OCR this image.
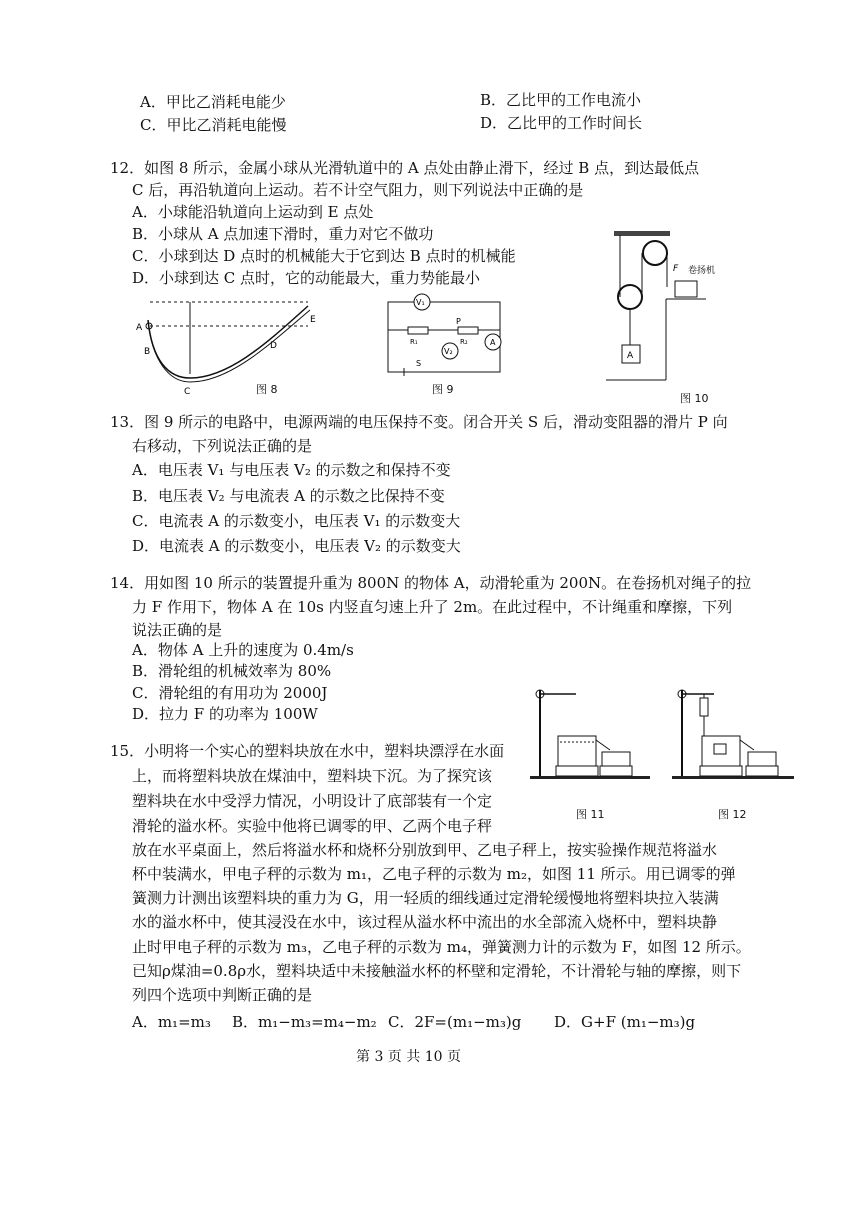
A．甲比乙消耗电能少	B．乙比甲的工作电流小
C．甲比乙消耗电能慢	D．乙比甲的工作时间长
12．如图 8 所示，金属小球从光滑轨道中的 A 点处由静止滑下，经过 B 点，到达最低点
C 后，再沿轨道向上运动。若不计空气阻力，则下列说法中正确的是
A．小球能沿轨道向上运动到 E 点处
B．小球从 A 点加速下滑时，重力对它不做功
C．小球到达 D 点时的机械能大于它到达 B 点时的机械能
D．小球到达 C 点时，它的动能最大，重力势能最小
A
B
C
D
E
图 8
V₁
P
R₁	R₂
V₂
A
S
图 9
A
F 卷扬机
图 10
13．图 9 所示的电路中，电源两端的电压保持不变。闭合开关 S 后，滑动变阻器的滑片 P 向
右移动，下列说法正确的是
A．电压表 V₁ 与电压表 V₂ 的示数之和保持不变
B．电压表 V₂ 与电流表 A 的示数之比保持不变
C．电流表 A 的示数变小，电压表 V₁ 的示数变大
D．电流表 A 的示数变小，电压表 V₂ 的示数变大
14．用如图 10 所示的装置提升重为 800N 的物体 A，动滑轮重为 200N。在卷扬机对绳子的拉
力 F 作用下，物体 A 在 10s 内竖直匀速上升了 2m。在此过程中，不计绳重和摩擦，下列
说法正确的是
A．物体 A 上升的速度为 0.4m/s
B．滑轮组的机械效率为 80%
C．滑轮组的有用功为 2000J
D．拉力 F 的功率为 100W
图 11	图 12
15．小明将一个实心的塑料块放在水中，塑料块漂浮在水面
上，而将塑料块放在煤油中，塑料块下沉。为了探究该
塑料块在水中受浮力情况，小明设计了底部装有一个定
滑轮的溢水杯。实验中他将已调零的甲、乙两个电子秤
放在水平桌面上，然后将溢水杯和烧杯分别放到甲、乙电子秤上，按实验操作规范将溢水
杯中装满水，甲电子秤的示数为 m₁，乙电子秤的示数为 m₂，如图 11 所示。用已调零的弹
簧测力计测出该塑料块的重力为 G，用一轻质的细线通过定滑轮缓慢地将塑料块拉入装满
水的溢水杯中，使其浸没在水中，该过程从溢水杯中流出的水全部流入烧杯中，塑料块静
止时甲电子秤的示数为 m₃，乙电子秤的示数为 m₄，弹簧测力计的示数为 F，如图 12 所示。
已知ρ煤油=0.8ρ水，塑料块适中未接触溢水杯的杯壁和定滑轮，不计滑轮与轴的摩擦，则下
列四个选项中判断正确的是
A．m₁=m₃ B．m₁−m₃=m₄−m₂ C．2F=(m₁−m₃)g D．G+F (m₁−m₃)g
第 3 页 共 10 页
